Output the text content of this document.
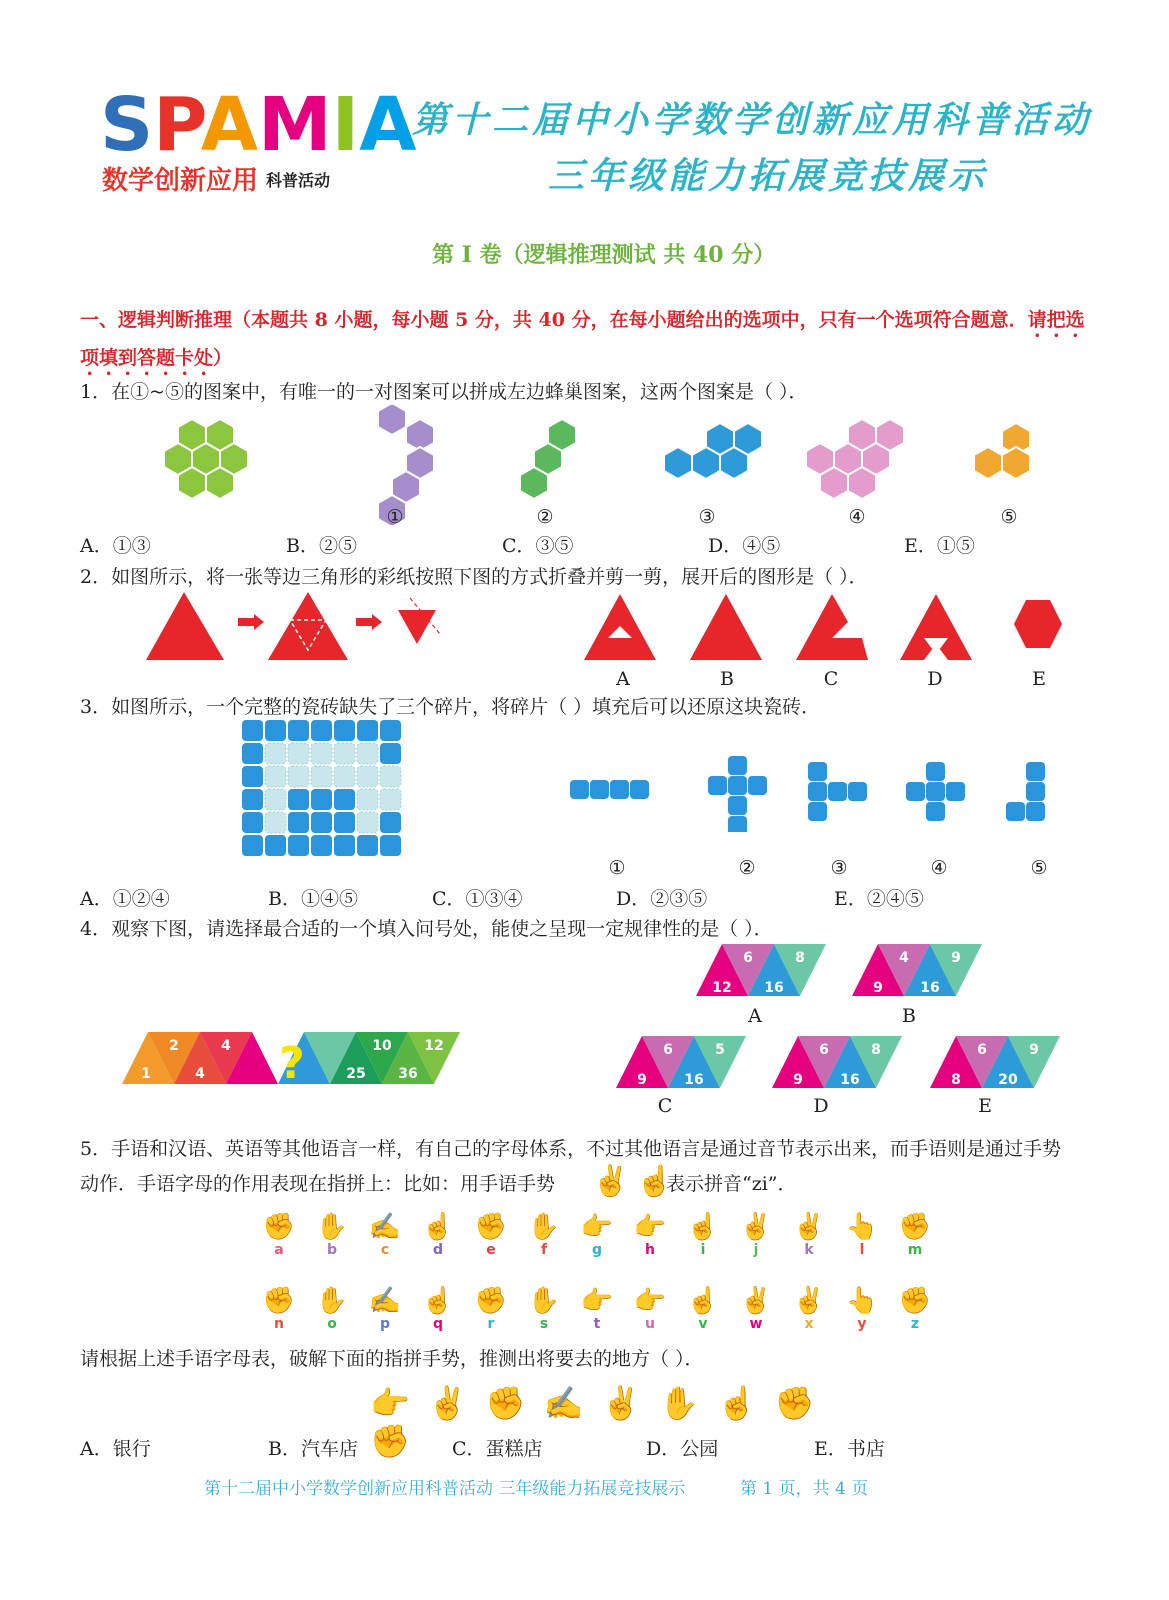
SPAMIA
数学创新应用 科普活动
第十二届中小学数学创新应用科普活动
三年级能力拓展竞技展示
第 I 卷（逻辑推理测试 共 40 分）
一、逻辑判断推理（本题共 8 小题，每小题 5 分，共 40 分，在每小题给出的选项中，只有一个选项符合题意．请把选
项填到答题卡处）
1．在①~⑤的图案中，有唯一的一对图案可以拼成左边蜂巢图案，这两个图案是（ ）．
①	②	③	④	⑤
A．①③	B．②⑤	C．③⑤	D．④⑤	E．①⑤
2．如图所示，将一张等边三角形的彩纸按照下图的方式折叠并剪一剪，展开后的图形是（ ）．
A	B	C	D	E
3．如图所示，一个完整的瓷砖缺失了三个碎片，将碎片（ ）填充后可以还原这块瓷砖．
①	②	③	④	⑤
A．①②④	B．①④⑤	C．①③④	D．②③⑤	E．②④⑤
4．观察下图，请选择最合适的一个填入问号处，能使之呈现一定规律性的是（ ）．
2
1
4
4
10
25
12
36
?
6	8
12 16
4	9
9	16
6	5
9	16
6	8
9	16
6	9
8	20
A	B
C	D	E
5．手语和汉语、英语等其他语言一样，有自己的字母体系，不过其他语言是通过音节表示出来，而手语则是通过手势
动作．手语字母的作用表现在指拼上：比如：用手语手势 ✌ ☝
表示拼音“zi”．
✊
a
✋
b
✍
c
☝
d
✊
e
✋
f
👉
g
👉
h
☝
i
✌
j
✌
k
👆
l
✊
m
✊
n
✋
o
✍
p
☝
q
✊
r
✋
s
👉
t
👉
u
☝
v
✌
w
✌
x
👆
y
✊
z
请根据上述手语字母表，破解下面的指拼手势，推测出将要去的地方（ ）．
👉✌✊✍✌✋☝✊✊
A．银行	B．汽车店	C．蛋糕店	D．公园	E．书店
第十二届中小学数学创新应用科普活动 三年级能力拓展竞技展示	第 1 页，共 4 页
